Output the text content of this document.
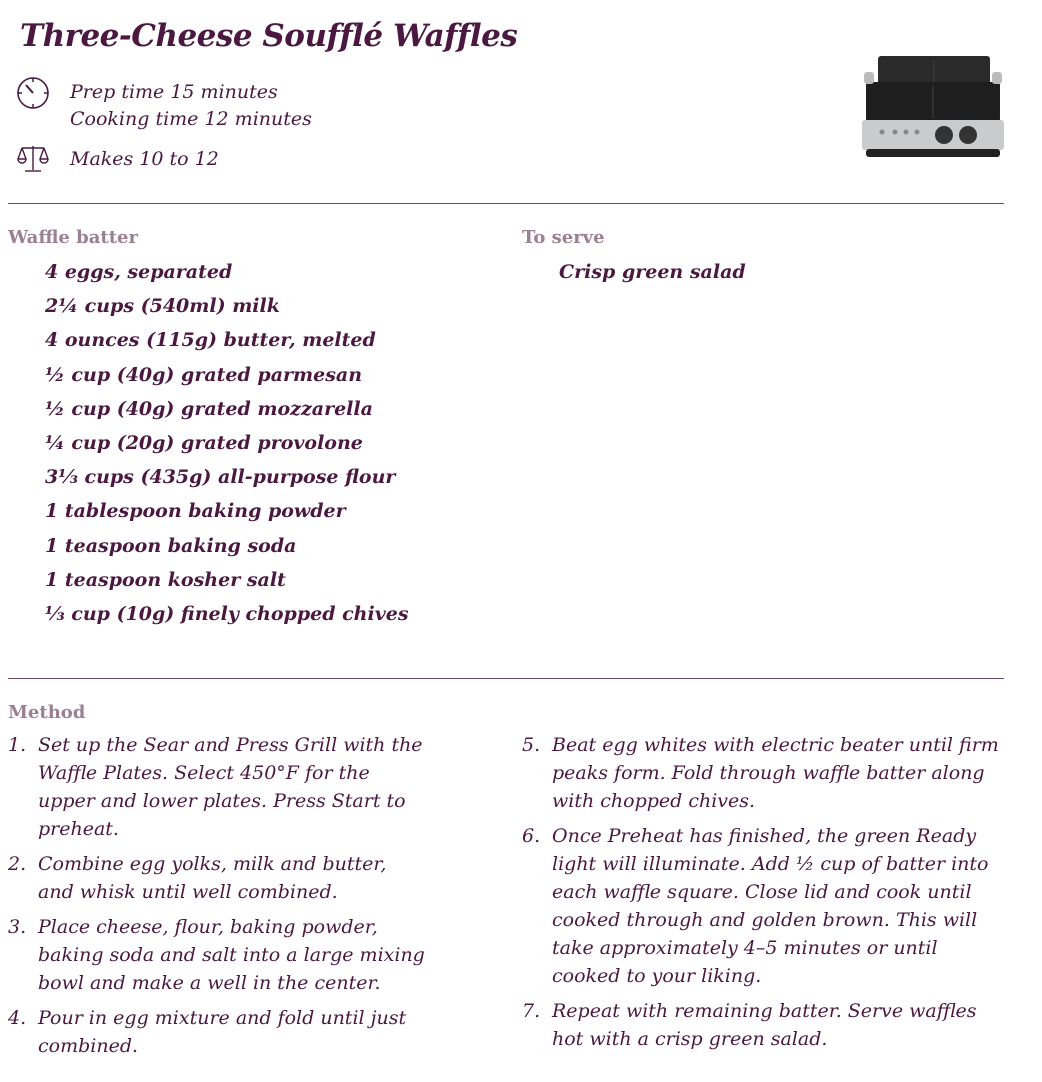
Three-Cheese Soufflé Waffles
Prep time 15 minutes
Cooking time 12 minutes
Makes 10 to 12
Waffle batter
4 eggs, separated
2¼ cups (540ml) milk
4 ounces (115g) butter, melted
½ cup (40g) grated parmesan
½ cup (40g) grated mozzarella
¼ cup (20g) grated provolone
3⅓ cups (435g) all-purpose flour
1 tablespoon baking powder
1 teaspoon baking soda
1 teaspoon kosher salt
⅓ cup (10g) finely chopped chives
To serve
Crisp green salad
Method
1. Set up the Sear and Press Grill with the Waffle Plates. Select 450°F for the upper and lower plates. Press Start to preheat.
2. Combine egg yolks, milk and butter, and whisk until well combined.
3. Place cheese, flour, baking powder, baking soda and salt into a large mixing bowl and make a well in the center.
4. Pour in egg mixture and fold until just combined.
5. Beat egg whites with electric beater until firm peaks form. Fold through waffle batter along with chopped chives.
6. Once Preheat has finished, the green Ready light will illuminate. Add ½ cup of batter into each waffle square. Close lid and cook until cooked through and golden brown. This will take approximately 4–5 minutes or until cooked to your liking.
7. Repeat with remaining batter. Serve waffles hot with a crisp green salad.
